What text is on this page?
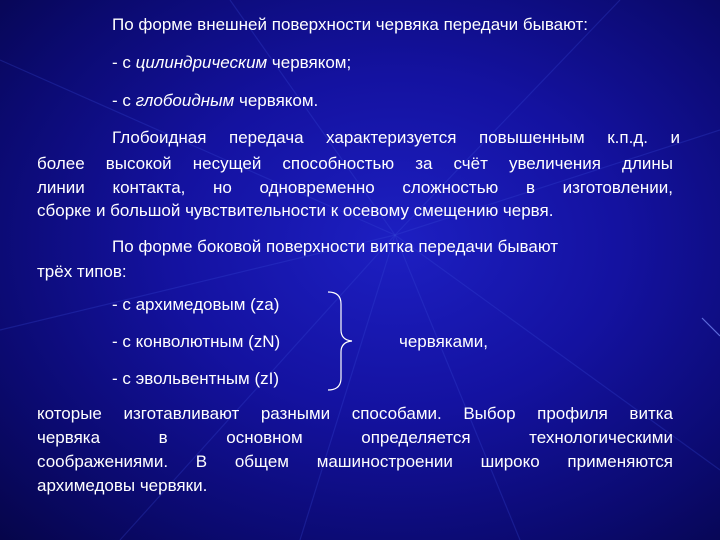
По форме внешней поверхности червяка передачи бывают:
- с цилиндрическим червяком;
- с глобоидным червяком.
Глобоидная передача характеризуется повышенным к.п.д. и
более высокой несущей способностью за счёт увеличения длины
линии контакта, но одновременно сложностью в изготовлении,
сборке и большой чувствительности к осевому смещению червя.
По форме боковой поверхности витка передачи бывают
трёх типов:
- с архимедовым (za)
- с конволютным (zN)
- с эвольвентным (zI)
червяками,
которые изготавливают разными способами. Выбор профиля витка
червяка в основном определяется технологическими
соображениями. В общем машиностроении широко применяются
архимедовы червяки.
